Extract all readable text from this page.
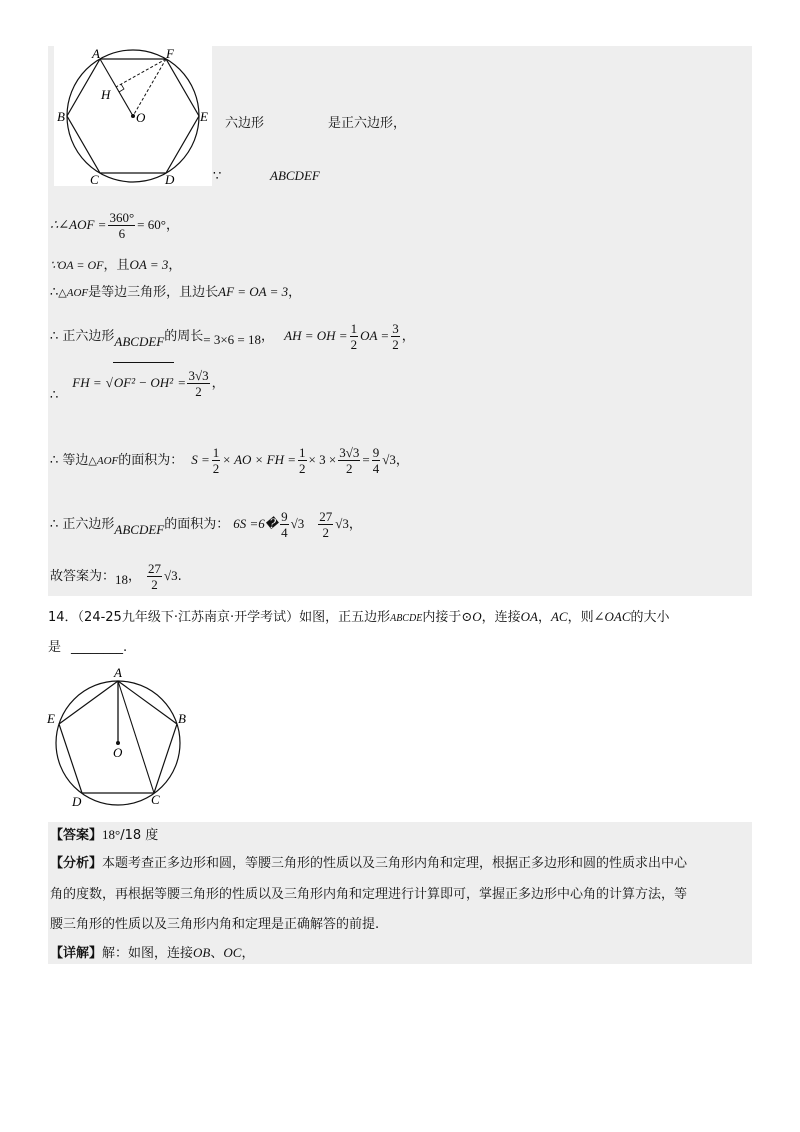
A	F
H
O
B	E
C	D
六边形	是正六边形，
∵	ABCDEF
∴∠AOF = $\frac{360^\circ}{6} = 60^\circ$，
∵OA = OF，且OA = 3，
∴△AOF是等边三角形，且边长AF = OA = 3，
∴ 正六边形ABCDEF的周长= 3×6 = 18， AH = OH = $\frac{1}{2}$ OA = $\frac{3}{2}$ ，
∴FH = $√OF^2 - OH^2 = \frac{3√3}{2}$ ，
∴ 等边△AOF的面积为： $S = \frac{1}{2}$ × AO × FH = $\frac{1}{2} \times 3 \times \frac{3√3}{2} = \frac{9}{4} √3$，
∴ 正六边形ABCDEF的面积为： 6S =6� $\frac{9}{4} √3 \frac{27}{2} √3$，
故答案为：18， $\frac{27}{2} √3$.
14．（24-25九年级下·江苏南京·开学考试）如图，正五边形ABCDE内接于⊙O，连接OA，AC，则∠OAC的大小
是 ________.
A
E	B
O
D	C
【答案】18°/18 度
【分析】本题考查正多边形和圆，等腰三角形的性质以及三角形内角和定理，根据正多边形和圆的性质求出中心
角的度数，再根据等腰三角形的性质以及三角形内角和定理进行计算即可，掌握正多边形中心角的计算方法，等
腰三角形的性质以及三角形内角和定理是正确解答的前提.
【详解】解：如图，连接OB、OC，
